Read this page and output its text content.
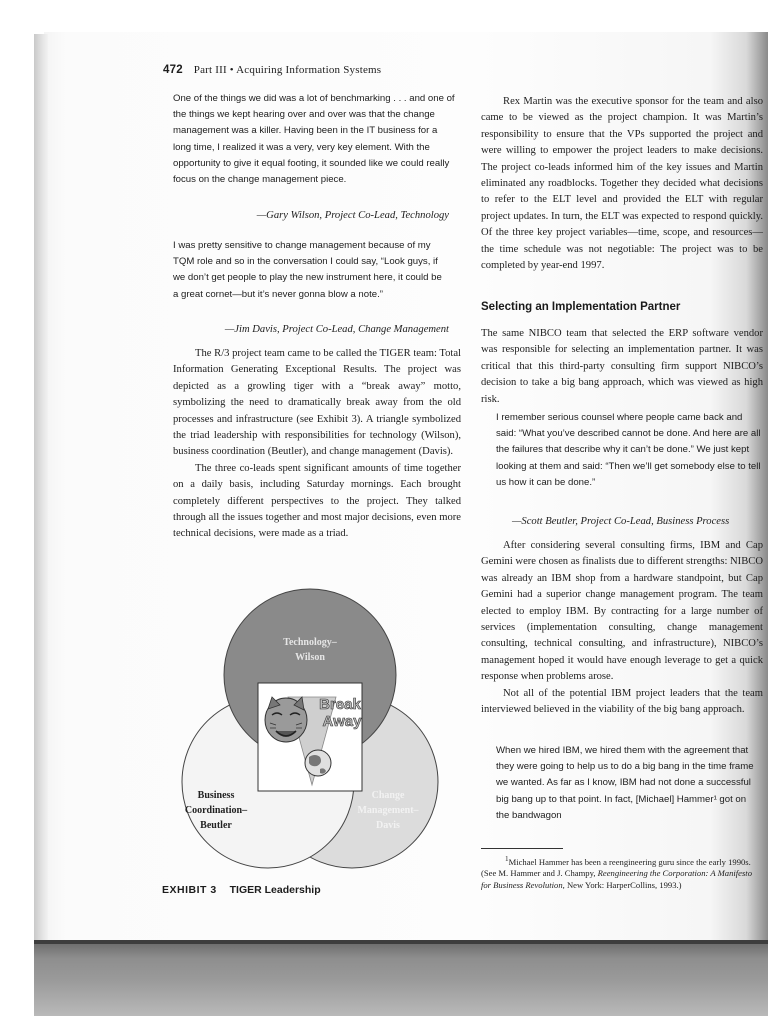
472 Part III • Acquiring Information Systems

One of the things we did was a lot of benchmarking . . . and one of the things we kept hearing over and over was that the change management was a killer. Having been in the IT business for a long time, I realized it was a very, very key element. With the opportunity to give it equal footing, it sounded like we could really focus on the change management piece.

—Gary Wilson, Project Co-Lead, Technology

I was pretty sensitive to change management because of my TQM role and so in the conversation I could say, “Look guys, if we don’t get people to play the new instrument here, it could be a great cornet—but it’s never gonna blow a note.”

—Jim Davis, Project Co-Lead, Change Management

The R/3 project team came to be called the TIGER team: Total Information Generating Exceptional Results. The project was depicted as a growling tiger with a “break away” motto, symbolizing the need to dramatically break away from the old processes and infrastructure (see Exhibit 3). A triangle symbolized the triad leadership with responsibilities for technology (Wilson), business coordination (Beutler), and change management (Davis).

The three co-leads spent significant amounts of time together on a daily basis, including Saturday mornings. Each brought completely different perspectives to the project. They talked through all the issues together and most major decisions, even more technical decisions, were made as a triad.

Technology–
Wilson
Business
Coordination–
Beutler
Change
Management–
Davis
Break
Away
EXHIBIT 3 TIGER Leadership

Rex Martin was the executive sponsor for the team and also came to be viewed as the project champion. It was Martin’s responsibility to ensure that the VPs supported the project and were willing to empower the project leaders to make decisions. The project co-leads informed him of the key issues and Martin eliminated any roadblocks. Together they decided what decisions to refer to the ELT level and provided the ELT with regular project updates. In turn, the ELT was expected to respond quickly. Of the three key project variables—time, scope, and resources—the time schedule was not negotiable: The project was to be completed by year-end 1997.

Selecting an Implementation Partner

The same NIBCO team that selected the ERP software vendor was responsible for selecting an implementation partner. It was critical that this third-party consulting firm support NIBCO’s decision to take a big bang approach, which was viewed as high risk.

I remember serious counsel where people came back and said: “What you’ve described cannot be done. And here are all the failures that describe why it can’t be done.” We just kept looking at them and said: “Then we’ll get somebody else to tell us how it can be done.”

—Scott Beutler, Project Co-Lead, Business Process

After considering several consulting firms, IBM and Cap Gemini were chosen as finalists due to different strengths: NIBCO was already an IBM shop from a hardware standpoint, but Cap Gemini had a superior change management program. The team elected to employ IBM. By contracting for a large number of services (implementation consulting, change management consulting, technical consulting, and infrastructure), NIBCO’s management hoped it would have enough leverage to get a quick response when problems arose.

Not all of the potential IBM project leaders that the team interviewed believed in the viability of the big bang approach.

When we hired IBM, we hired them with the agreement that they were going to help us to do a big bang in the time frame we wanted. As far as I know, IBM had not done a successful big bang up to that point. In fact, [Michael] Hammer¹ got on the bandwagon

$^1$Michael Hammer has been a reengineering guru since the early 1990s. (See M. Hammer and J. Champy, Reengineering the Corporation: A Manifesto for Business Revolution, New York: HarperCollins, 1993.)
